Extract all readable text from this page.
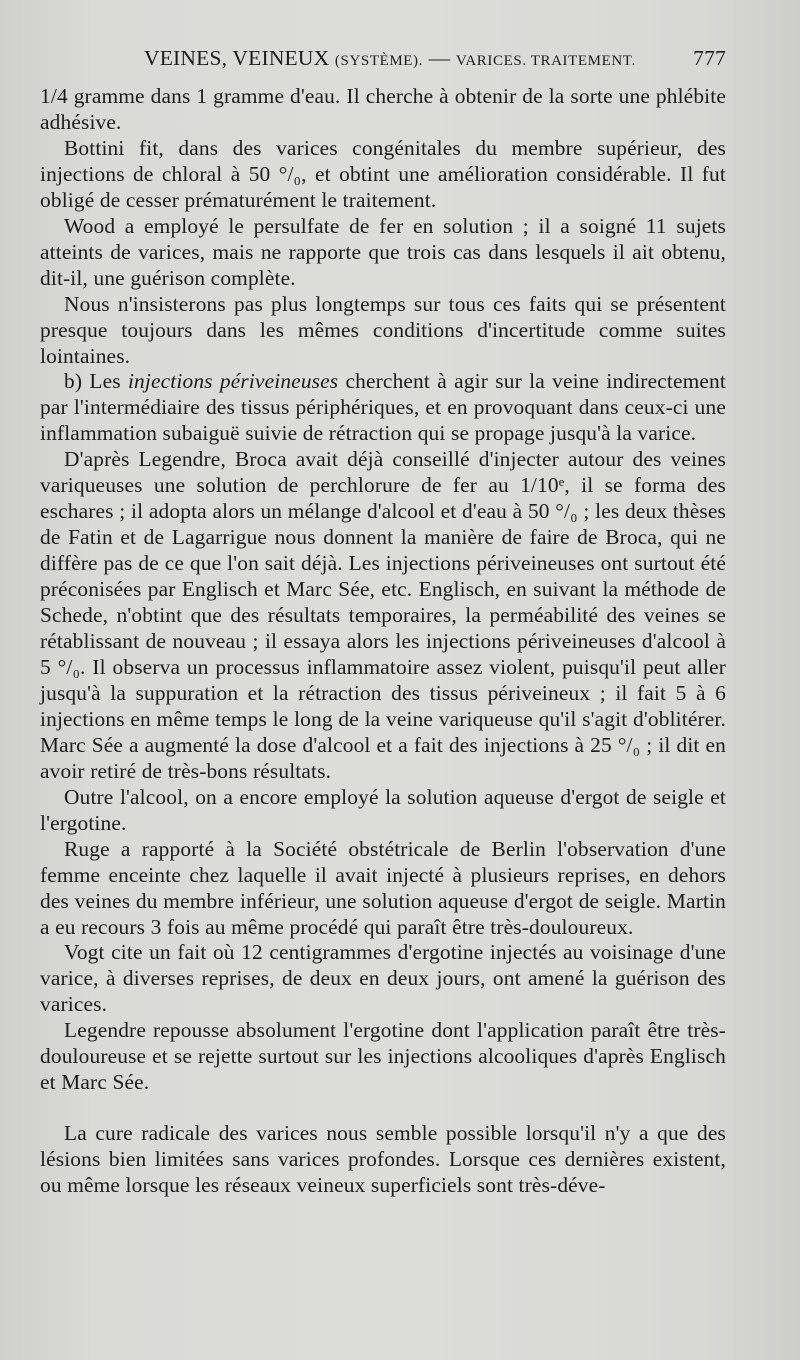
VEINES, VEINEUX (SYSTÈME). — VARICES. TRAITEMENT.	777

1/4 gramme dans 1 gramme d'eau. Il cherche à obtenir de la sorte une phlébite adhésive.

Bottini fit, dans des varices congénitales du membre supérieur, des injections de chloral à 50 °/₀, et obtint une amélioration considérable. Il fut obligé de cesser prématurément le traitement.

Wood a employé le persulfate de fer en solution ; il a soigné 11 sujets atteints de varices, mais ne rapporte que trois cas dans lesquels il ait obtenu, dit-il, une guérison complète.

Nous n'insisterons pas plus longtemps sur tous ces faits qui se présentent presque toujours dans les mêmes conditions d'incertitude comme suites lointaines.

b) Les injections périveineuses cherchent à agir sur la veine indirectement par l'intermédiaire des tissus périphériques, et en provoquant dans ceux-ci une inflammation subaiguë suivie de rétraction qui se propage jusqu'à la varice.

D'après Legendre, Broca avait déjà conseillé d'injecter autour des veines variqueuses une solution de perchlorure de fer au 1/10ᵉ, il se forma des eschares ; il adopta alors un mélange d'alcool et d'eau à 50 °/₀ ; les deux thèses de Fatin et de Lagarrigue nous donnent la manière de faire de Broca, qui ne diffère pas de ce que l'on sait déjà. Les injections périveineuses ont surtout été préconisées par Englisch et Marc Sée, etc. Englisch, en suivant la méthode de Schede, n'obtint que des résultats temporaires, la perméabilité des veines se rétablissant de nouveau ; il essaya alors les injections périveineuses d'alcool à 5 °/₀. Il observa un processus inflammatoire assez violent, puisqu'il peut aller jusqu'à la suppuration et la rétraction des tissus périveineux ; il fait 5 à 6 injections en même temps le long de la veine variqueuse qu'il s'agit d'oblitérer. Marc Sée a augmenté la dose d'alcool et a fait des injections à 25 °/₀ ; il dit en avoir retiré de très-bons résultats.

Outre l'alcool, on a encore employé la solution aqueuse d'ergot de seigle et l'ergotine.

Ruge a rapporté à la Société obstétricale de Berlin l'observation d'une femme enceinte chez laquelle il avait injecté à plusieurs reprises, en dehors des veines du membre inférieur, une solution aqueuse d'ergot de seigle. Martin a eu recours 3 fois au même procédé qui paraît être très-douloureux.

Vogt cite un fait où 12 centigrammes d'ergotine injectés au voisinage d'une varice, à diverses reprises, de deux en deux jours, ont amené la guérison des varices.

Legendre repousse absolument l'ergotine dont l'application paraît être très-douloureuse et se rejette surtout sur les injections alcooliques d'après Englisch et Marc Sée.

La cure radicale des varices nous semble possible lorsqu'il n'y a que des lésions bien limitées sans varices profondes. Lorsque ces dernières existent, ou même lorsque les réseaux veineux superficiels sont très-déve-
